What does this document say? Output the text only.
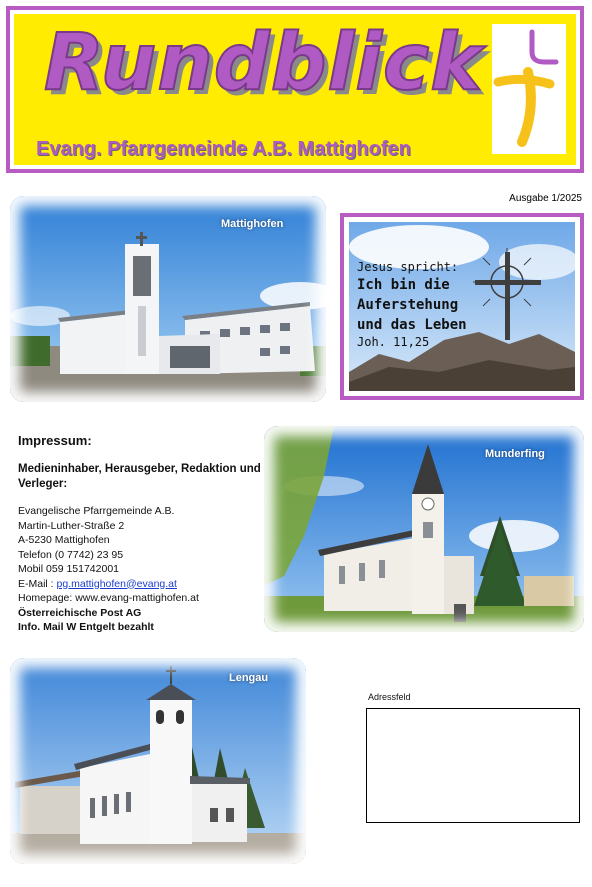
Rundblick
Evang. Pfarrgemeinde A.B. Mattighofen
Ausgabe 1/2025
Mattighofen
Jesus spricht:
Ich bin die
Auferstehung
und das Leben
Joh. 11,25
Munderfing
Impressum:
Medieninhaber, Herausgeber, Redaktion und Verleger:
Evangelische Pfarrgemeinde A.B.
Martin-Luther-Straße 2
A-5230 Mattighofen
Telefon (0 7742) 23 95
Mobil 059 151742001
E-Mail : pg.mattighofen@evang.at
Homepage: www.evang-mattighofen.at
Österreichische Post AG
Info. Mail W Entgelt bezahlt
Lengau
Adressfeld
